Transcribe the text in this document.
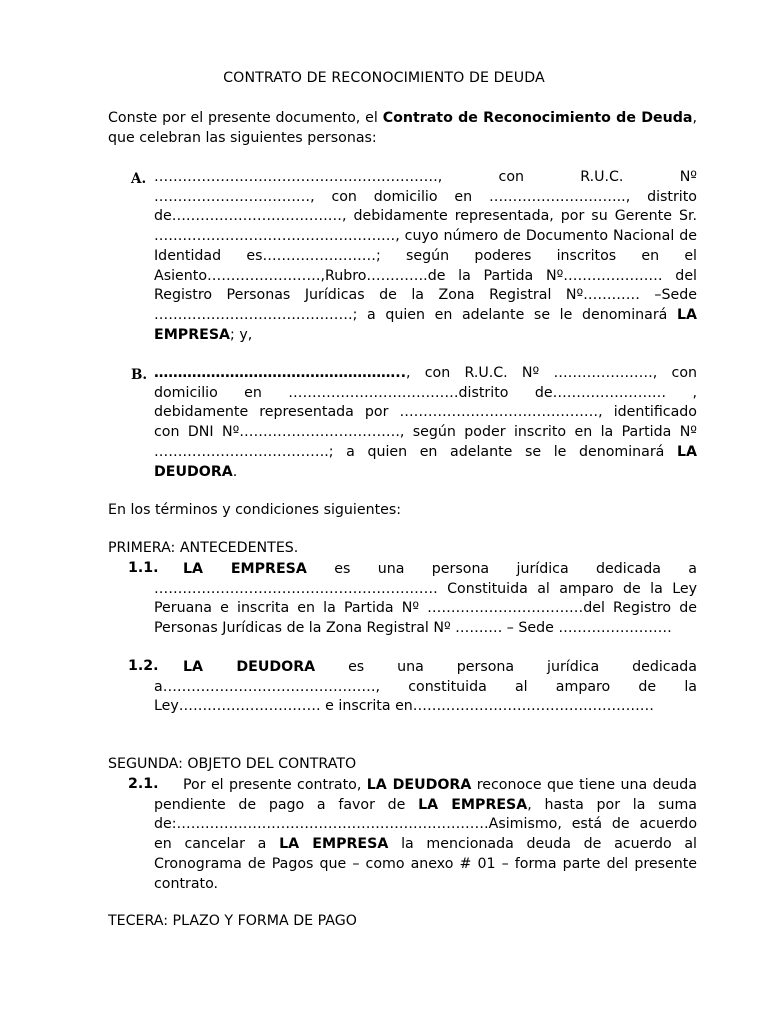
CONTRATO DE RECONOCIMIENTO DE DEUDA
Conste por el presente documento, el Contrato de Reconocimiento de Deuda, que celebran las siguientes personas:
A. ……………………………………………………, con R.U.C. Nº ……………………………, con domicilio en ……………………….., distrito de………………………………, debidamente representada, por su Gerente Sr. ……………………………………………, cuyo número de Documento Nacional de Identidad es……………………; según poderes inscritos en el Asiento……………………,Rubro………….de la Partida Nº………………… del Registro Personas Jurídicas de la Zona Registral Nº………… –Sede ……………………………………; a quien en adelante se le denominará LA EMPRESA; y,
B. …………………………………………….., con R.U.C. Nº …………………, con domicilio en ………………………………distrito de…………………… , debidamente representada por ……………………………………, identificado con DNI Nº……………………………., según poder inscrito en la Partida Nº ……………………………….; a quien en adelante se le denominará LA DEUDORA.
En los términos y condiciones siguientes:
PRIMERA: ANTECEDENTES.
1.1.	LA EMPRESA es una persona jurídica dedicada a …………………………………………………… Constituida al amparo de la Ley Peruana e inscrita en la Partida Nº ……………………………del Registro de Personas Jurídicas de la Zona Registral Nº ………. – Sede ……………………
1.2.	LA DEUDORA es una persona jurídica dedicada a………………………………………, constituida al amparo de la Ley………………………… e inscrita en……………………………………………
SEGUNDA: OBJETO DEL CONTRATO
2.1.	Por el presente contrato, LA DEUDORA reconoce que tiene una deuda pendiente de pago a favor de LA EMPRESA, hasta por la suma de:…………………………………………………………Asimismo, está de acuerdo en cancelar a LA EMPRESA la mencionada deuda de acuerdo al Cronograma de Pagos que – como anexo # 01 – forma parte del presente contrato.
TECERA: PLAZO Y FORMA DE PAGO
